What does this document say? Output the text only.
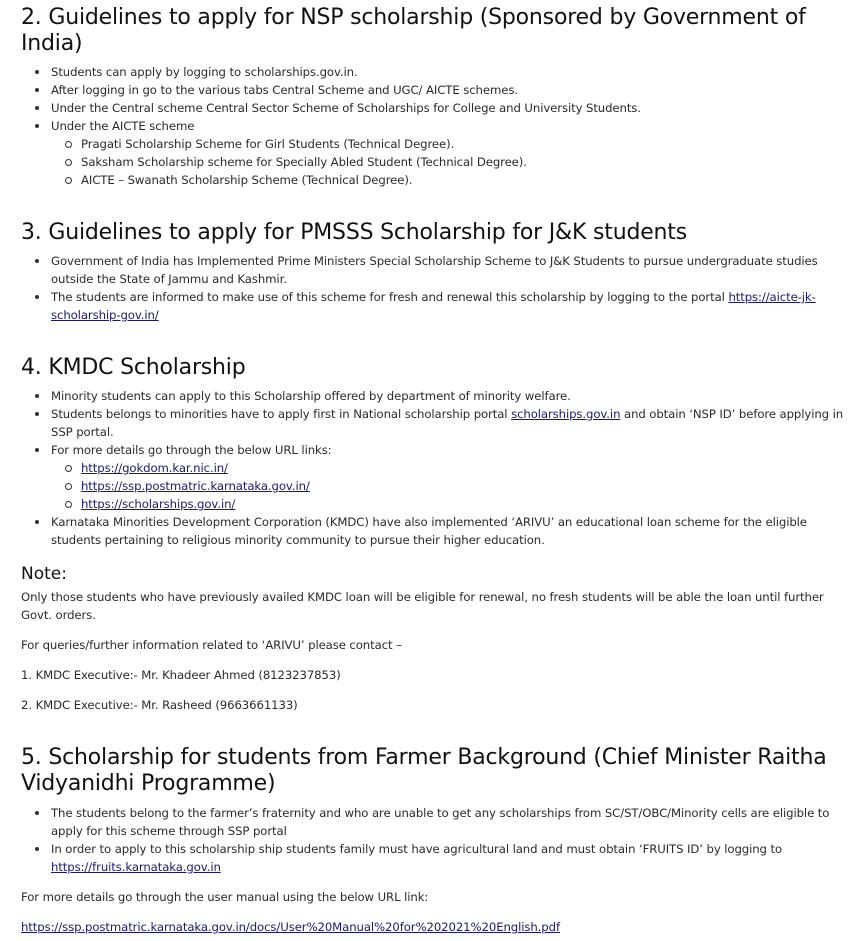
2. Guidelines to apply for NSP scholarship (Sponsored by Government of India)
Students can apply by logging to scholarships.gov.in.
After logging in go to the various tabs Central Scheme and UGC/ AICTE schemes.
Under the Central scheme Central Sector Scheme of Scholarships for College and University Students.
Under the AICTE scheme
Pragati Scholarship Scheme for Girl Students (Technical Degree).
Saksham Scholarship scheme for Specially Abled Student (Technical Degree).
AICTE – Swanath Scholarship Scheme (Technical Degree).
3. Guidelines to apply for PMSSS Scholarship for J&K students
Government of India has Implemented Prime Ministers Special Scholarship Scheme to J&K Students to pursue undergraduate studies outside the State of Jammu and Kashmir.
The students are informed to make use of this scheme for fresh and renewal this scholarship by logging to the portal https://aicte-jk-scholarship-gov.in/
4. KMDC Scholarship
Minority students can apply to this Scholarship offered by department of minority welfare.
Students belongs to minorities have to apply first in National scholarship portal scholarships.gov.in and obtain ‘NSP ID’ before applying in SSP portal.
For more details go through the below URL links:
https://gokdom.kar.nic.in/
https://ssp.postmatric.karnataka.gov.in/
https://scholarships.gov.in/
Karnataka Minorities Development Corporation (KMDC) have also implemented ‘ARIVU’ an educational loan scheme for the eligible students pertaining to religious minority community to pursue their higher education.
Note:

Only those students who have previously availed KMDC loan will be eligible for renewal, no fresh students will be able the loan until further Govt. orders.

For queries/further information related to ‘ARIVU’ please contact –

1. KMDC Executive:- Mr. Khadeer Ahmed (8123237853)

2. KMDC Executive:- Mr. Rasheed (9663661133)

5. Scholarship for students from Farmer Background (Chief Minister Raitha Vidyanidhi Programme)
The students belong to the farmer’s fraternity and who are unable to get any scholarships from SC/ST/OBC/Minority cells are eligible to apply for this scheme through SSP portal
In order to apply to this scholarship ship students family must have agricultural land and must obtain ‘FRUITS ID’ by logging to https://fruits.karnataka.gov.in

For more details go through the user manual using the below URL link:

https://ssp.postmatric.karnataka.gov.in/docs/User%20Manual%20for%202021%20English.pdf
